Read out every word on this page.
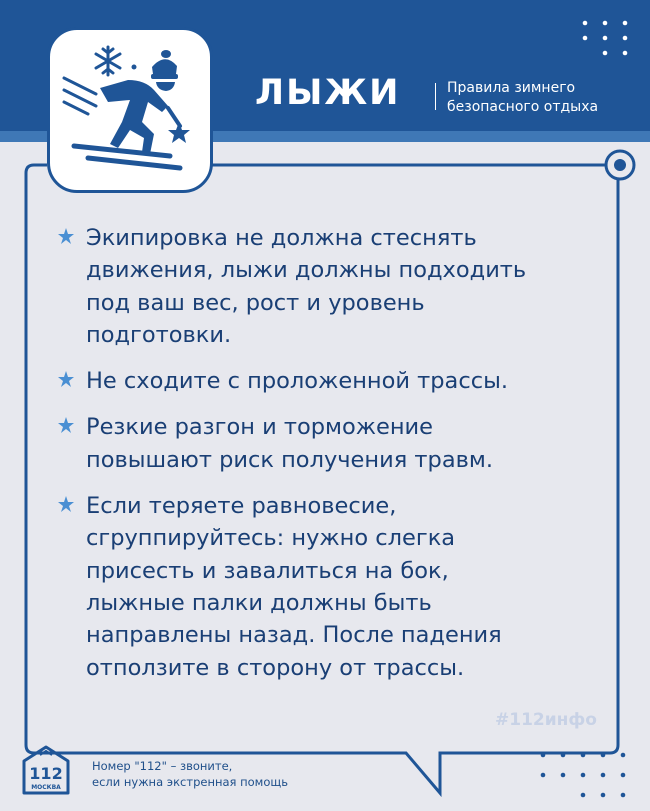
ЛЫЖИ	Правила зимнего
безопасного отдыха
Экипировка не должна стеснять
движения, лыжи должны подходить
под ваш вес, рост и уровень
подготовки.
Не сходите с проложенной трассы.
Резкие разгон и торможение
повышают риск получения травм.
Если теряете равновесие,
сгруппируйтесь: нужно слегка
присесть и завалиться на бок,
лыжные палки должны быть
направлены назад. После падения
отползите в сторону от трассы.
#112инфо
112
МОСКВА
Номер "112" – звоните,
если нужна экстренная помощь
